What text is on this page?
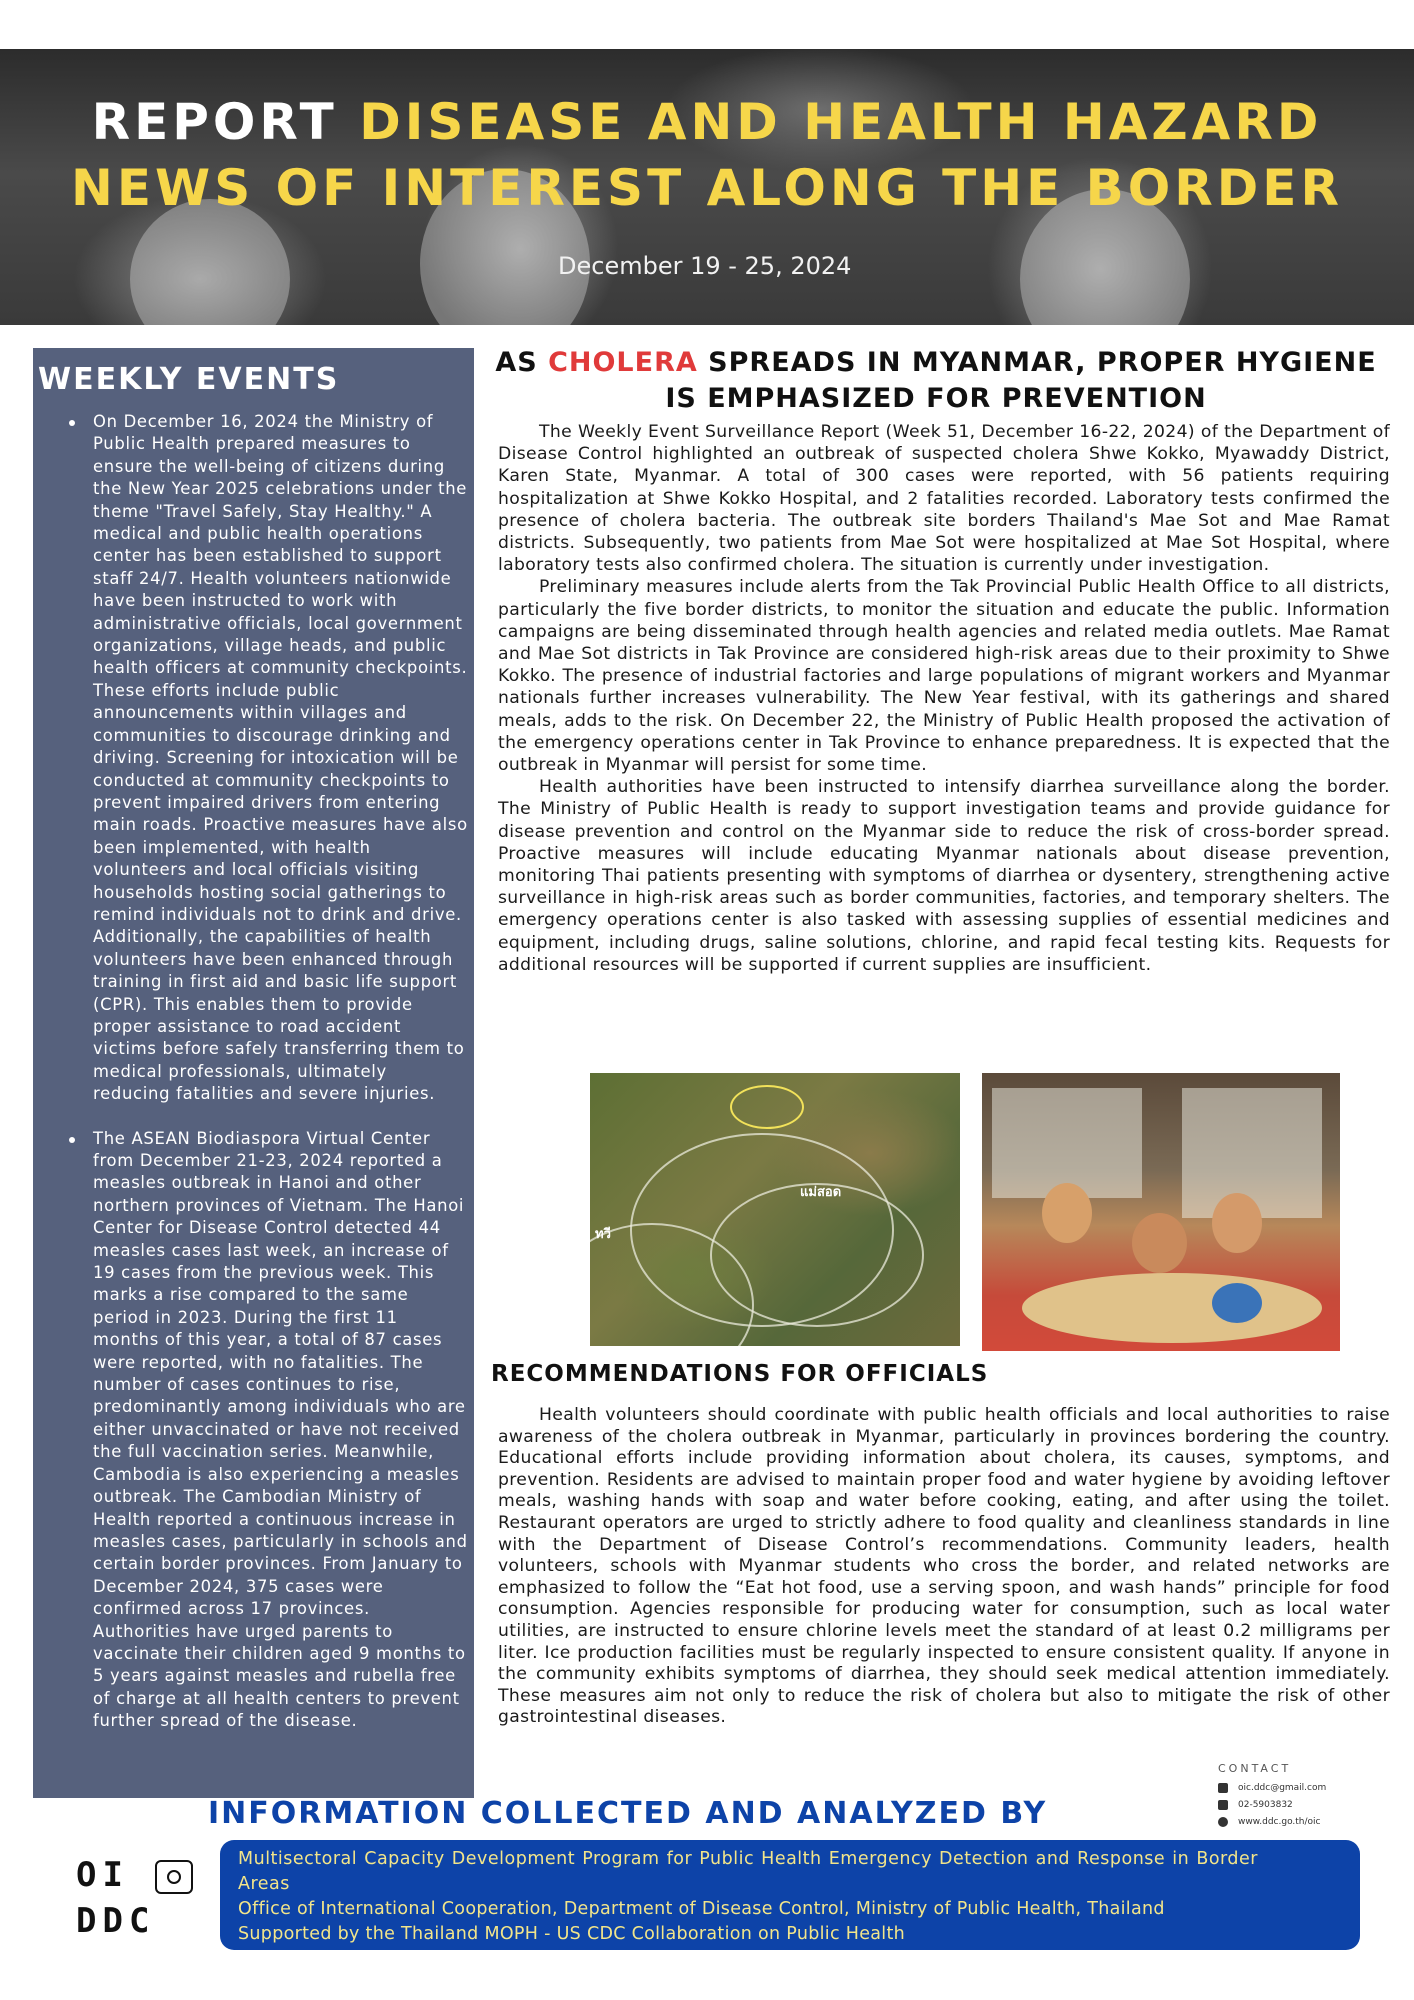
REPORT DISEASE AND HEALTH HAZARD
NEWS OF INTEREST ALONG THE BORDER
December 19 - 25, 2024
WEEKLY EVENTS
On December 16, 2024 the Ministry of Public Health prepared measures to ensure the well-being of citizens during the New Year 2025 celebrations under the theme "Travel Safely, Stay Healthy." A medical and public health operations center has been established to support staff 24/7. Health volunteers nationwide have been instructed to work with administrative officials, local government organizations, village heads, and public health officers at community checkpoints. These efforts include public announcements within villages and communities to discourage drinking and driving. Screening for intoxication will be conducted at community checkpoints to prevent impaired drivers from entering main roads. Proactive measures have also been implemented, with health volunteers and local officials visiting households hosting social gatherings to remind individuals not to drink and drive. Additionally, the capabilities of health volunteers have been enhanced through training in first aid and basic life support (CPR). This enables them to provide proper assistance to road accident victims before safely transferring them to medical professionals, ultimately reducing fatalities and severe injuries.
The ASEAN Biodiaspora Virtual Center from December 21-23, 2024 reported a measles outbreak in Hanoi and other northern provinces of Vietnam. The Hanoi Center for Disease Control detected 44 measles cases last week, an increase of 19 cases from the previous week. This marks a rise compared to the same period in 2023. During the first 11 months of this year, a total of 87 cases were reported, with no fatalities. The number of cases continues to rise, predominantly among individuals who are either unvaccinated or have not received the full vaccination series. Meanwhile, Cambodia is also experiencing a measles outbreak. The Cambodian Ministry of Health reported a continuous increase in measles cases, particularly in schools and certain border provinces. From January to December 2024, 375 cases were confirmed across 17 provinces. Authorities have urged parents to vaccinate their children aged 9 months to 5 years against measles and rubella free of charge at all health centers to prevent further spread of the disease.
AS CHOLERA SPREADS IN MYANMAR, PROPER HYGIENE IS EMPHASIZED FOR PREVENTION

The Weekly Event Surveillance Report (Week 51, December 16-22, 2024) of the Department of Disease Control highlighted an outbreak of suspected cholera Shwe Kokko, Myawaddy District, Karen State, Myanmar. A total of 300 cases were reported, with 56 patients requiring hospitalization at Shwe Kokko Hospital, and 2 fatalities recorded. Laboratory tests confirmed the presence of cholera bacteria. The outbreak site borders Thailand's Mae Sot and Mae Ramat districts. Subsequently, two patients from Mae Sot were hospitalized at Mae Sot Hospital, where laboratory tests also confirmed cholera. The situation is currently under investigation.

Preliminary measures include alerts from the Tak Provincial Public Health Office to all districts, particularly the five border districts, to monitor the situation and educate the public. Information campaigns are being disseminated through health agencies and related media outlets. Mae Ramat and Mae Sot districts in Tak Province are considered high-risk areas due to their proximity to Shwe Kokko. The presence of industrial factories and large populations of migrant workers and Myanmar nationals further increases vulnerability. The New Year festival, with its gatherings and shared meals, adds to the risk. On December 22, the Ministry of Public Health proposed the activation of the emergency operations center in Tak Province to enhance preparedness. It is expected that the outbreak in Myanmar will persist for some time.

Health authorities have been instructed to intensify diarrhea surveillance along the border. The Ministry of Public Health is ready to support investigation teams and provide guidance for disease prevention and control on the Myanmar side to reduce the risk of cross-border spread. Proactive measures will include educating Myanmar nationals about disease prevention, monitoring Thai patients presenting with symptoms of diarrhea or dysentery, strengthening active surveillance in high-risk areas such as border communities, factories, and temporary shelters. The emergency operations center is also tasked with assessing supplies of essential medicines and equipment, including drugs, saline solutions, chlorine, and rapid fecal testing kits. Requests for additional resources will be supported if current supplies are insufficient.

แม่สอด
ทวี
RECOMMENDATIONS FOR OFFICIALS

Health volunteers should coordinate with public health officials and local authorities to raise awareness of the cholera outbreak in Myanmar, particularly in provinces bordering the country. Educational efforts include providing information about cholera, its causes, symptoms, and prevention. Residents are advised to maintain proper food and water hygiene by avoiding leftover meals, washing hands with soap and water before cooking, eating, and after using the toilet. Restaurant operators are urged to strictly adhere to food quality and cleanliness standards in line with the Department of Disease Control’s recommendations. Community leaders, health volunteers, schools with Myanmar students who cross the border, and related networks are emphasized to follow the “Eat hot food, use a serving spoon, and wash hands” principle for food consumption. Agencies responsible for producing water for consumption, such as local water utilities, are instructed to ensure chlorine levels meet the standard of at least 0.2 milligrams per liter. Ice production facilities must be regularly inspected to ensure consistent quality. If anyone in the community exhibits symptoms of diarrhea, they should seek medical attention immediately. These measures aim not only to reduce the risk of cholera but also to mitigate the risk of other gastrointestinal diseases.

CONTACT
oic.ddc@gmail.com
02-5903832
www.ddc.go.th/oic
INFORMATION COLLECTED AND ANALYZED BY
OI
DDC
Multisectoral Capacity Development Program for Public Health Emergency Detection and Response in Border Areas
Office of International Cooperation, Department of Disease Control, Ministry of Public Health, Thailand
Supported by the Thailand MOPH - US CDC Collaboration on Public Health
